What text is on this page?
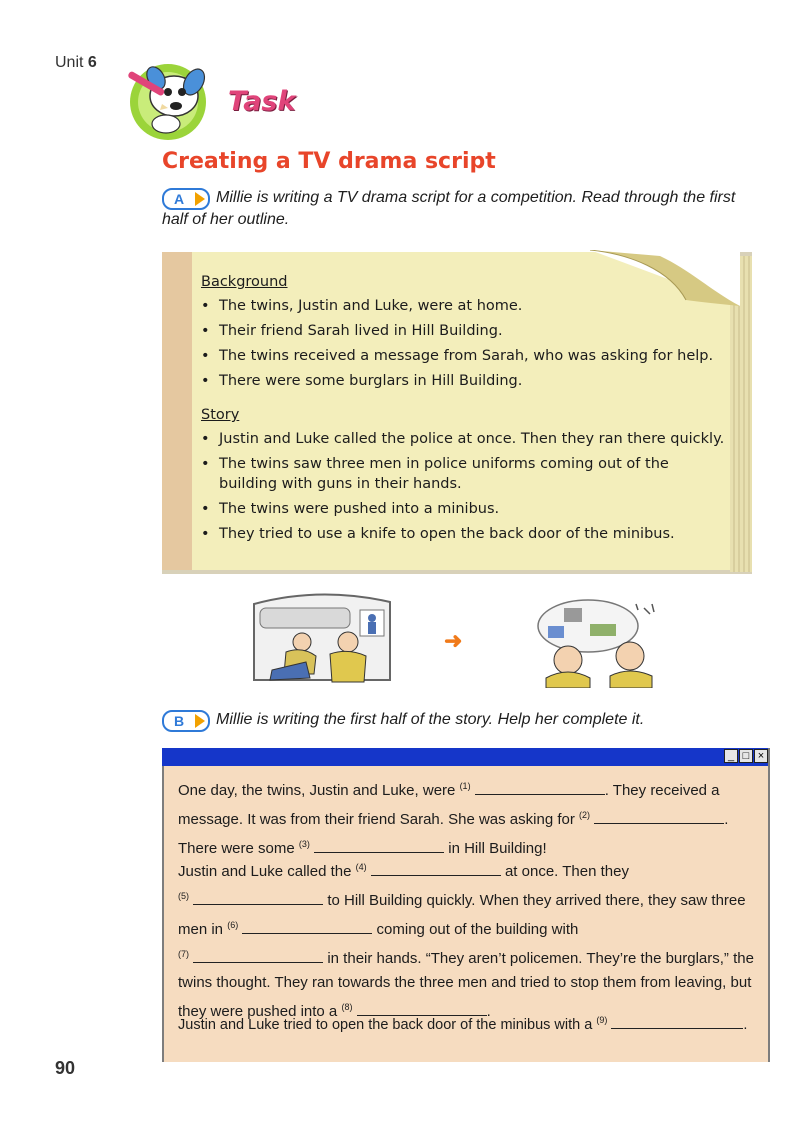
Unit 6
Task
Creating a TV drama script
A	Millie is writing a TV drama script for a competition. Read through the first half of her outline.
Background
• The twins, Justin and Luke, were at home.
• Their friend Sarah lived in Hill Building.
• The twins received a message from Sarah, who was asking for help.
• There were some burglars in Hill Building.
Story
• Justin and Luke called the police at once. Then they ran there quickly.
• The twins saw three men in police uniforms coming out of the building with guns in their hands.
• The twins were pushed into a minibus.
• They tried to use a knife to open the back door of the minibus.
➜
B Millie is writing the first half of the story. Help her complete it.
_ □ ×
One day, the twins, Justin and Luke, were $^{(1)}$	. They received a message. It was from their friend Sarah. She was asking for $^{(2)}$	. There were some $^{(3)}$	in Hill Building!
Justin and Luke called the $^{(4)}$	at once. Then they
$^{(5)}$	to Hill Building quickly. When they arrived there, they saw three men in $^{(6)}$	coming out of the building with
$^{(7)}$	in their hands. “They aren’t policemen. They’re the burglars,” the twins thought. They ran towards the three men and tried to stop them from leaving, but they were pushed into a $^{(8)}$	.
Justin and Luke tried to open the back door of the minibus with a $^{(9)}$	.
90
